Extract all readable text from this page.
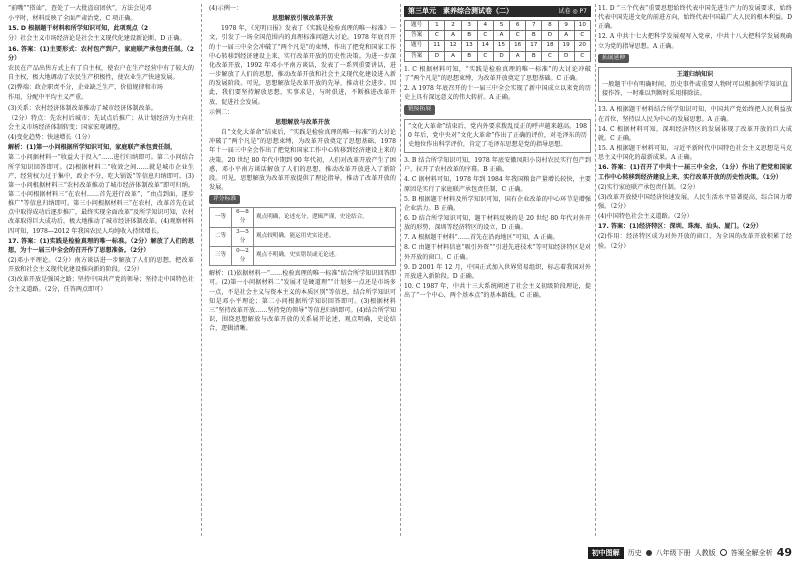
“前嘴”“搭讪”，查处了一大批盗窃团伙”，方法会见邓

小平时，材料反映了全面严肃治党，C 项正确。

15. D 根据题干材料和所学知识可知，此项观点（2

分）社会主义市场经济论是社会主义现代化建设新论断，D 正确。

16. 答案：(1)主要形式：农村包产到户，家庭联产承包责任制。（2分）

农民在产品出售方式上有了自主权，使农户在生产经营中有了较大的自主权，极大地调动了农民生产积极性，使农业生产快速发展。

(2)弊端：政企职责不分，企业缺乏生产、价值规律和市场

作用，分配中平均主义严重。

(3)关系：农村经济体制改革推动了城市经济体制改革。

（2分）特点：先农村后城市；先试点后推广；从计划经济为主向社会主义市场经济体制转变；国家宏观调控。

(4)变化趋势：快速增长（1分）

解析：(1)第一小问根据所学知识可知，家庭联产承包责任制，

第二小问据材料一“收益大于投入”……进行归纳即可。第二小问结合所学知识回答即可。(2)根据材料二“收效之间……就是城市企业生产、经营权力过于集中，政企不分，吃大锅饭”等信息归纳即可。(3)第一小问根据材料三“农村改革推动了城市经济体制改革”即可归纳。第二小问根据材料三“在农村……首先进行改革”，“由点到面，逐步推广”等信息归纳即可。第三小问根据材料三“在农村，改革首先在试点中取得成功后逐步推广，最终实现全面改革”及所学知识可知，农村改革取得巨大成功后，极大地推动了城市经济体制改革。(4)观察材料四可知，1978—2012 年我国农民人均纯收入持续增长。

17. 答案：(1)实践是检验真理的唯一标准。（2分）解放了人们的思想，为十一届三中全会的召开作了思想准备。（2分）

(2)邓小平理论。（2分）南方谈话进一步解放了人们的思想，把改革开放和社会主义现代化建设推向新的阶段。（2分）

(3)改革开放是强国之路；坚持中国共产党的领导；坚持走中国特色社会主义道路。（2分，任答两点即可）

(4)示例一：

思想解放引领改革开放

1978 年，《光明日报》发表了《实践是检验真理的唯一标准》一文，引发了一场全国范围内的真理标准问题大讨论。1978 年底召开的十一届三中全会冲破了“两个凡是”的束缚，作出了把党和国家工作中心转移到经济建设上来、实行改革开放的历史性决策。为进一步深化改革开放，1992 年邓小平南方谈话，发表了一系列重要讲话，进一步解放了人们的思想，推动改革开放和社会主义现代化建设进入新的发展阶段。可见，思想解放是改革开放的先导，推动社会进步。因此，我们要坚持解放思想，实事求是，与时俱进，不断推进改革开放，促进社会发展。

示例二：

思想解放与改革开放

自“文化大革命”结束后，“实践是检验真理的唯一标准”的大讨论冲破了“两个凡是”的思想束缚，为改革开放奠定了思想基础，1978 年十一届三中全会作出了把党和国家工作中心转移到经济建设上来的决策。20 世纪 80 年代中期到 90 年代初，人们对改革开放产生了困惑，邓小平南方谈话解放了人们的思想，推动改革开放进入了新阶段。可见，思想解放为改革开放提供了理论指导，推动了改革开放的发展。

评分标准
一等	6—8 分	观点明确，论述充分，逻辑严谨，史论结合。
二等	3—5 分	观点较明确，能运用史实论述。
三等	0—2 分	观点不明确，史实错误或无论述。

解析：(1)依据材料一“……检验真理的唯一标准”结合所学知识回答即可。(2)第一小问据材料二“发展才是硬道理”“计划多一点还是市场多一点，不是社会主义与资本主义的本质区别”等信息，结合所学知识可知是邓小平理论；第二小问根据所学知识回答即可。(3)根据材料三“坚持改革开放……坚持党的领导”等信息归纳即可。(4)结合所学知识，围绕思想解放与改革开放的关系展开论述，观点明确，史论结合，逻辑清晰。

第三单元　素养综合测试卷（二）	试卷 ◎ P7
题号	1	2	3	4	5	6	7	8	9	10
答案	C	A	B	C	A	C	B	D	A	C
题号	11	12	13	14	15	16	17	18	19	20
答案	D	A	B	C	D	A	B	C	D	C

1. C 根据材料可知，“实践是检验真理的唯一标准”的大讨论冲破了“两个凡是”的思想束缚，为改革开放奠定了思想基础。C 正确。

2. A 1978 年底召开的十一届三中全会实现了新中国成立以来党的历史上具有深远意义的伟大转折。A 正确。

链接拓展

“文化大革命”结束后，党内外要求拨乱反正的呼声越来越高。1980 年后，党中央对“文化大革命”作出了正确的评价，对毛泽东的历史地位作出科学评价，肯定了毛泽东思想是党的指导思想。

3. B 结合所学知识可知，1978 年底安徽凤阳小岗村农民实行包产到户，拉开了农村改革的序幕。B 正确。

4. C 据材料可知，1978 年到 1984 年我国粮食产量增长较快，主要原因是实行了家庭联产承包责任制，C 正确。

5. B 根据题干材料及所学知识可知，国有企业改革的中心环节是增强企业活力。B 正确。

6. D 结合所学知识可知，题干材料反映的是 20 世纪 80 年代对外开放的形势，深圳等经济特区的设立，D 正确。

7. A 根据题干材料“……首先在沿海地区”可知，A 正确。

8. C 由题干材料信息“吸引外资”“引进先进技术”等可知经济特区是对外开放的窗口。C 正确。

9. D 2001 年 12 月，中国正式加入世界贸易组织，标志着我国对外开放进入新阶段。D 正确。

10. C 1987 年，中共十三大系统阐述了社会主义初级阶段理论，提出了“一个中心、两个基本点”的基本路线。C 正确。

11. D “三个代表”重要思想始终代表中国先进生产力的发展要求，始终代表中国先进文化的前进方向，始终代表中国最广大人民的根本利益。D 正确。

12. A 中共十七大把科学发展观写入党章，中共十八大把科学发展观确立为党的指导思想。A 正确。

拓展延伸

王道归纳知识

一般题干中有明确时间、历史事件或重要人物时可以根据所学知识直接作答，一时难以判断时采用排除法。

13. A 根据题干材料结合所学知识可知，中国共产党始终把人民利益放在首位，坚持以人民为中心的发展思想。A 正确。

14. C 根据材料可知，深圳经济特区的发展体现了改革开放的巨大成就。C 正确。

15. A 根据题干材料可知，习近平新时代中国特色社会主义思想是马克思主义中国化的最新成果。A 正确。

16. 答案：(1)召开了中共十一届三中全会，（1分）作出了把党和国家工作中心转移到经济建设上来、实行改革开放的历史性决策。（1分）

(2)实行家庭联产承包责任制。（2分）

(3)改革开放使中国经济快速发展，人民生活水平显著提高，综合国力增强。（2分）

(4)中国特色社会主义道路。（2分）

17. 答案：(1)经济特区：深圳、珠海、汕头、厦门。（2分）

(2)作用：经济特区成为对外开放的窗口，为全国的改革开放积累了经验。（2分）

初中图解	历史 八年级下册 人教版 答案全解全析 49
